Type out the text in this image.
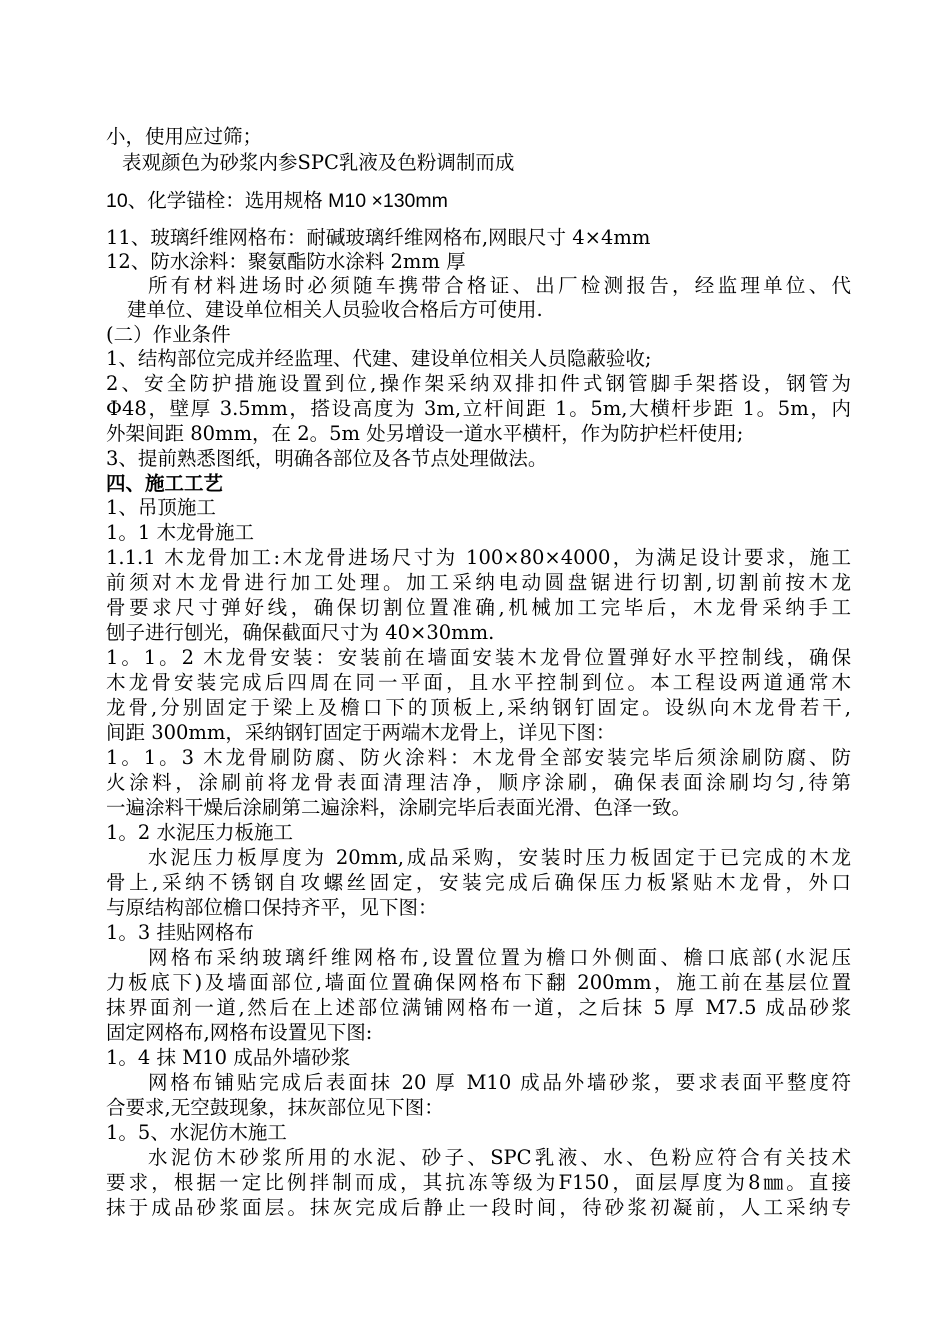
小，使用应过筛；
表观颜色为砂浆内参SPC乳液及色粉调制而成
10、化学锚栓：选用规格 M10 ×130mm
11、玻璃纤维网格布：耐碱玻璃纤维网格布,网眼尺寸 4×4mm
12、防水涂料：聚氨酯防水涂料 2mm 厚
所有材料进场时必须随车携带合格证、出厂检测报告，经监理单位、代
建单位、建设单位相关人员验收合格后方可使用.
(二）作业条件
1、结构部位完成并经监理、代建、建设单位相关人员隐蔽验收;
2、安全防护措施设置到位,操作架采纳双排扣件式钢管脚手架搭设，钢管为
Φ48，壁厚 3.5mm，搭设高度为 3m,立杆间距 1。5m,大横杆步距 1。5m，内
外架间距 80mm，在 2。5m 处另增设一道水平横杆，作为防护栏杆使用;
3、提前熟悉图纸，明确各部位及各节点处理做法。
四、施工工艺
1、吊顶施工
1。1 木龙骨施工
1.1.1 木龙骨加工:木龙骨进场尺寸为 100×80×4000，为满足设计要求，施工
前须对木龙骨进行加工处理。加工采纳电动圆盘锯进行切割,切割前按木龙
骨要求尺寸弹好线，确保切割位置准确,机械加工完毕后，木龙骨采纳手工
刨子进行刨光，确保截面尺寸为 40×30mm.
1。1。2 木龙骨安装：安装前在墙面安装木龙骨位置弹好水平控制线，确保
木龙骨安装完成后四周在同一平面，且水平控制到位。本工程设两道通常木
龙骨,分别固定于梁上及檐口下的顶板上,采纳钢钉固定。设纵向木龙骨若干,
间距 300mm，采纳钢钉固定于两端木龙骨上，详见下图：
1。1。3 木龙骨刷防腐、防火涂料：木龙骨全部安装完毕后须涂刷防腐、防
火涂料，涂刷前将龙骨表面清理洁净，顺序涂刷，确保表面涂刷均匀,待第
一遍涂料干燥后涂刷第二遍涂料，涂刷完毕后表面光滑、色泽一致。
1。2 水泥压力板施工
水泥压力板厚度为 20mm,成品采购，安装时压力板固定于已完成的木龙
骨上,采纳不锈钢自攻螺丝固定，安装完成后确保压力板紧贴木龙骨，外口
与原结构部位檐口保持齐平，见下图：
1。3 挂贴网格布
网格布采纳玻璃纤维网格布,设置位置为檐口外侧面、檐口底部(水泥压
力板底下)及墙面部位,墙面位置确保网格布下翻 200mm，施工前在基层位置
抹界面剂一道,然后在上述部位满铺网格布一道，之后抹 5 厚 M7.5 成品砂浆
固定网格布,网格布设置见下图:
1。4 抹 M10 成品外墙砂浆
网格布铺贴完成后表面抹 20 厚 M10 成品外墙砂浆，要求表面平整度符
合要求,无空鼓现象，抹灰部位见下图：
1。5、水泥仿木施工
水泥仿木砂浆所用的水泥、砂子、SPC乳液、水、色粉应符合有关技术
要求，根据一定比例拌制而成，其抗冻等级为F150，面层厚度为8㎜。直接
抹于成品砂浆面层。抹灰完成后静止一段时间，待砂浆初凝前，人工采纳专
